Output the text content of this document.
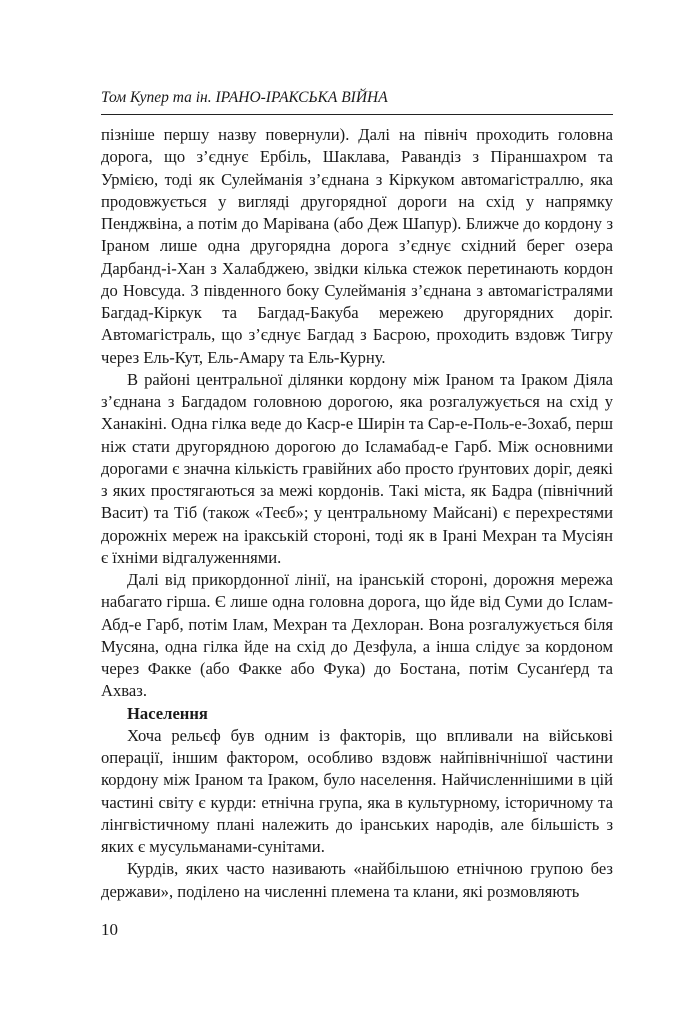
Том Купер та ін. ІРАНО-ІРАКСЬКА ВІЙНА

пізніше першу назву повернули). Далі на північ проходить головна дорога, що з’єднує Ербіль, Шаклава, Равандіз з Піраншахром та Урмією, тоді як Сулейманія з’єднана з Кіркуком автомагістраллю, яка продовжується у вигляді другорядної дороги на схід у напрямку Пенджвіна, а потім до Марівана (або Деж Шапур). Ближче до кордону з Іраном лише одна другорядна дорога з’єднує східний берег озера Дарбанд-і-Хан з Халабджею, звідки кілька стежок перетинають кордон до Новсуда. З південного боку Сулейманія з’єднана з автомагістралями Багдад-Кіркук та Багдад-Бакуба мережею другорядних доріг. Автомагістраль, що з’єднує Багдад з Басрою, проходить вздовж Тигру через Ель-Кут, Ель-Амару та Ель-Курну.

В районі центральної ділянки кордону між Іраном та Іраком Діяла з’єднана з Багдадом головною дорогою, яка розгалужується на схід у Ханакіні. Одна гілка веде до Каср-е Ширін та Сар-е-Поль-е-Зохаб, перш ніж стати другорядною дорогою до Ісламабад-е Гарб. Між основними дорогами є значна кількість гравійних або просто ґрунтових доріг, деякі з яких простягаються за межі кордонів. Такі міста, як Бадра (північний Васит) та Тіб (також «Теєб»; у центральному Майсані) є перехрестями дорожніх мереж на іракській стороні, тоді як в Ірані Мехран та Мусіян є їхніми відгалуженнями.

Далі від прикордонної лінії, на іранській стороні, дорожня мережа набагато гірша. Є лише одна головна дорога, що йде від Суми до Іслам-Абд-е Гарб, потім Ілам, Мехран та Дехлоран. Вона розгалужується біля Мусяна, одна гілка йде на схід до Дезфула, а інша слідує за кордоном через Факке (або Факке або Фука) до Бостана, потім Сусанґерд та Ахваз.

Населення

Хоча рельєф був одним із факторів, що впливали на військові операції, іншим фактором, особливо вздовж найпівнічнішої частини кордону між Іраном та Іраком, було населення. Найчисленнішими в цій частині світу є курди: етнічна група, яка в культурному, історичному та лінгвістичному плані належить до іранських народів, але більшість з яких є мусульманами-сунітами.

Курдів, яких часто називають «найбільшою етнічною групою без держави», поділено на численні племена та клани, які розмовляють

10
